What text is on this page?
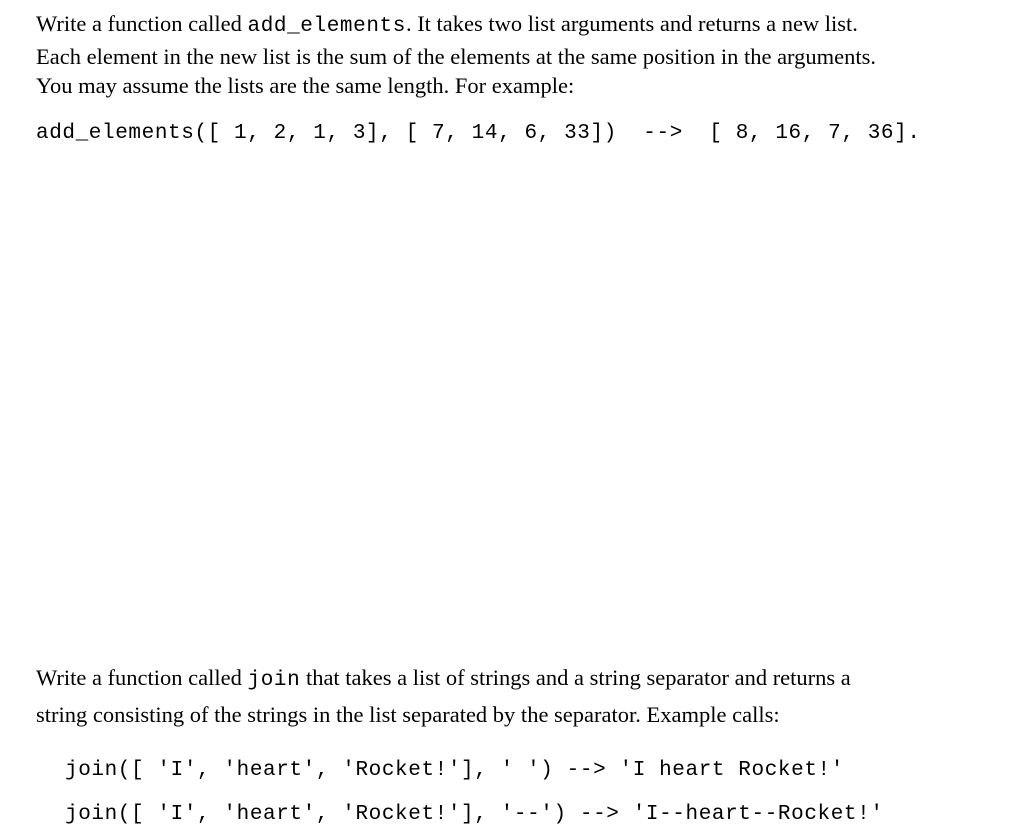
Write a function called add_elements. It takes two list arguments and returns a new list.
Each element in the new list is the sum of the elements at the same position in the arguments.
You may assume the lists are the same length. For example:

add_elements([ 1, 2, 1, 3], [ 7, 14, 6, 33])  -->  [ 8, 16, 7, 36].

Write a function called join that takes a list of strings and a string separator and returns a
string consisting of the strings in the list separated by the separator. Example calls:

join([ 'I', 'heart', 'Rocket!'], ' ') --> 'I heart Rocket!'
join([ 'I', 'heart', 'Rocket!'], '--') --> 'I--heart--Rocket!'
